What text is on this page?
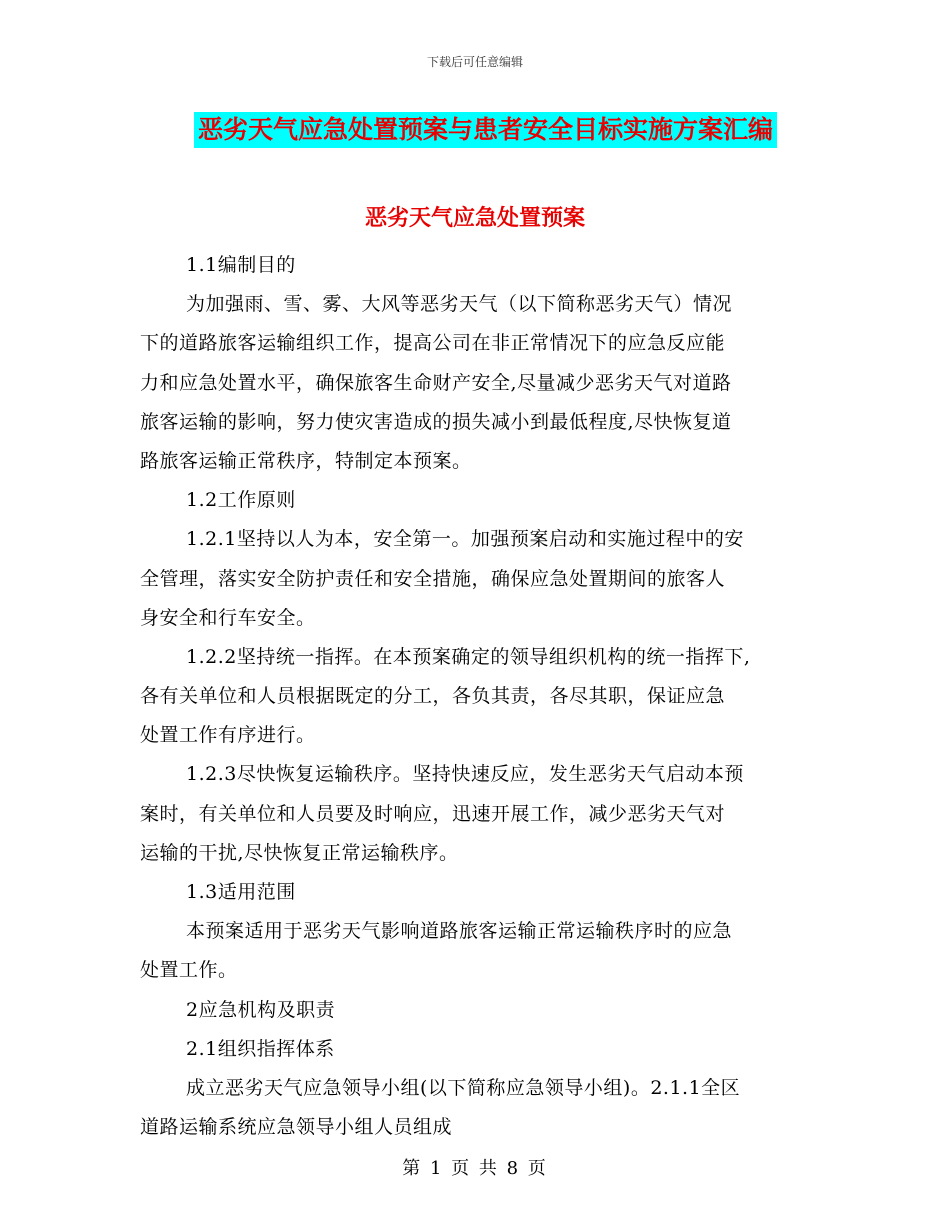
下载后可任意编辑
恶劣天气应急处置预案与患者安全目标实施方案汇编
恶劣天气应急处置预案
1.1编制目的
为加强雨、雪、雾、大风等恶劣天气（以下简称恶劣天气）情况
下的道路旅客运输组织工作，提高公司在非正常情况下的应急反应能
力和应急处置水平，确保旅客生命财产安全,尽量减少恶劣天气对道路
旅客运输的影响，努力使灾害造成的损失减小到最低程度,尽快恢复道
路旅客运输正常秩序，特制定本预案。
1.2工作原则
1.2.1坚持以人为本，安全第一。加强预案启动和实施过程中的安
全管理，落实安全防护责任和安全措施，确保应急处置期间的旅客人
身安全和行车安全。
1.2.2坚持统一指挥。在本预案确定的领导组织机构的统一指挥下,
各有关单位和人员根据既定的分工，各负其责，各尽其职，保证应急
处置工作有序进行。
1.2.3尽快恢复运输秩序。坚持快速反应，发生恶劣天气启动本预
案时，有关单位和人员要及时响应，迅速开展工作，减少恶劣天气对
运输的干扰,尽快恢复正常运输秩序。
1.3适用范围
本预案适用于恶劣天气影响道路旅客运输正常运输秩序时的应急
处置工作。
2应急机构及职责
2.1组织指挥体系
成立恶劣天气应急领导小组(以下简称应急领导小组)。2.1.1全区
道路运输系统应急领导小组人员组成
第 1 页 共 8 页
